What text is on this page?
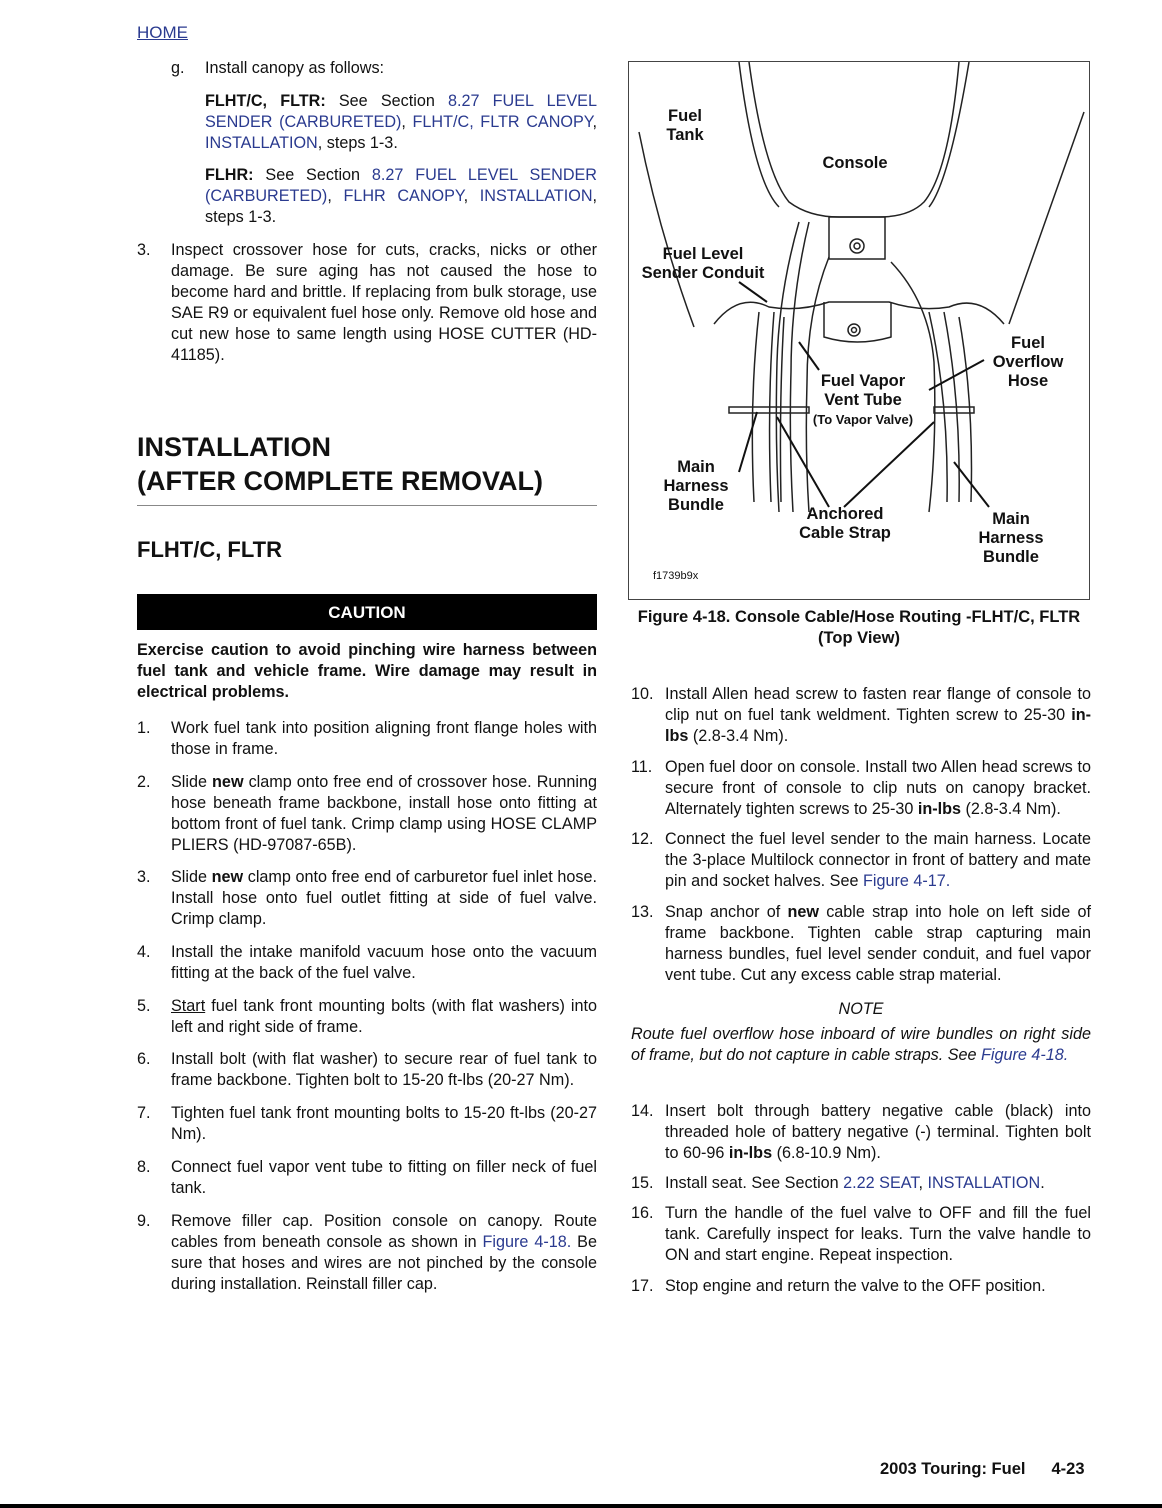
HOME
g.	Install canopy as follows:

FLHT/C, FLTR: See Section 8.27 FUEL LEVEL SENDER (CARBURETED), FLHT/C, FLTR CANOPY, INSTALLATION, steps 1-3.

FLHR: See Section 8.27 FUEL LEVEL SENDER (CARBURETED), FLHR CANOPY, INSTALLATION, steps 1-3.

3.	Inspect crossover hose for cuts, cracks, nicks or other damage. Be sure aging has not caused the hose to become hard and brittle. If replacing from bulk storage, use SAE R9 or equivalent fuel hose only. Remove old hose and cut new hose to same length using HOSE CUTTER (HD-41185).
INSTALLATION
(AFTER COMPLETE REMOVAL)
FLHT/C, FLTR
CAUTION

Exercise caution to avoid pinching wire harness between fuel tank and vehicle frame. Wire damage may result in electrical problems.

1.	Work fuel tank into position aligning front flange holes with those in frame.
2.	Slide new clamp onto free end of crossover hose. Running hose beneath frame backbone, install hose onto fitting at bottom front of fuel tank. Crimp clamp using HOSE CLAMP PLIERS (HD-97087-65B).
3.	Slide new clamp onto free end of carburetor fuel inlet hose. Install hose onto fuel outlet fitting at side of fuel valve. Crimp clamp.
4.	Install the intake manifold vacuum hose onto the vacuum fitting at the back of the fuel valve.
5.	Start fuel tank front mounting bolts (with flat washers) into left and right side of frame.
6.	Install bolt (with flat washer) to secure rear of fuel tank to frame backbone. Tighten bolt to 15-20 ft-lbs (20-27 Nm).
7.	Tighten fuel tank front mounting bolts to 15-20 ft-lbs (20-27 Nm).
8.	Connect fuel vapor vent tube to fitting on filler neck of fuel tank.
9.	Remove filler cap. Position console on canopy. Route cables from beneath console as shown in Figure 4-18. Be sure that hoses and wires are not pinched by the console during installation. Reinstall filler cap.
Fuel
Tank
Console
Fuel Level
Sender Conduit
Fuel
Overflow
Hose
Fuel Vapor
Vent Tube
(To Vapor Valve)
Main
Harness
Bundle	Anchored
Cable Strap
Main
Harness
Bundle
f1739b9x
Figure 4-18. Console Cable/Hose Routing -FLHT/C, FLTR
(Top View)
10. Install Allen head screw to fasten rear flange of console to clip nut on fuel tank weldment. Tighten screw to 25-30 in-lbs (2.8-3.4 Nm).
11. Open fuel door on console. Install two Allen head screws to secure front of console to clip nuts on canopy bracket. Alternately tighten screws to 25-30 in-lbs (2.8-3.4 Nm).
12. Connect the fuel level sender to the main harness. Locate the 3-place Multilock connector in front of battery and mate pin and socket halves. See Figure 4-17.
13. Snap anchor of new cable strap into hole on left side of frame backbone. Tighten cable strap capturing main harness bundles, fuel level sender conduit, and fuel vapor vent tube. Cut any excess cable strap material.
NOTE

Route fuel overflow hose inboard of wire bundles on right side of frame, but do not capture in cable straps. See Figure 4-18.

14. Insert bolt through battery negative cable (black) into threaded hole of battery negative (-) terminal. Tighten bolt to 60-96 in-lbs (6.8-10.9 Nm).
15. Install seat. See Section 2.22 SEAT, INSTALLATION.
16. Turn the handle of the fuel valve to OFF and fill the fuel tank. Carefully inspect for leaks. Turn the valve handle to ON and start engine. Repeat inspection.
17. Stop engine and return the valve to the OFF position.
2003 Touring: Fuel 4-23
